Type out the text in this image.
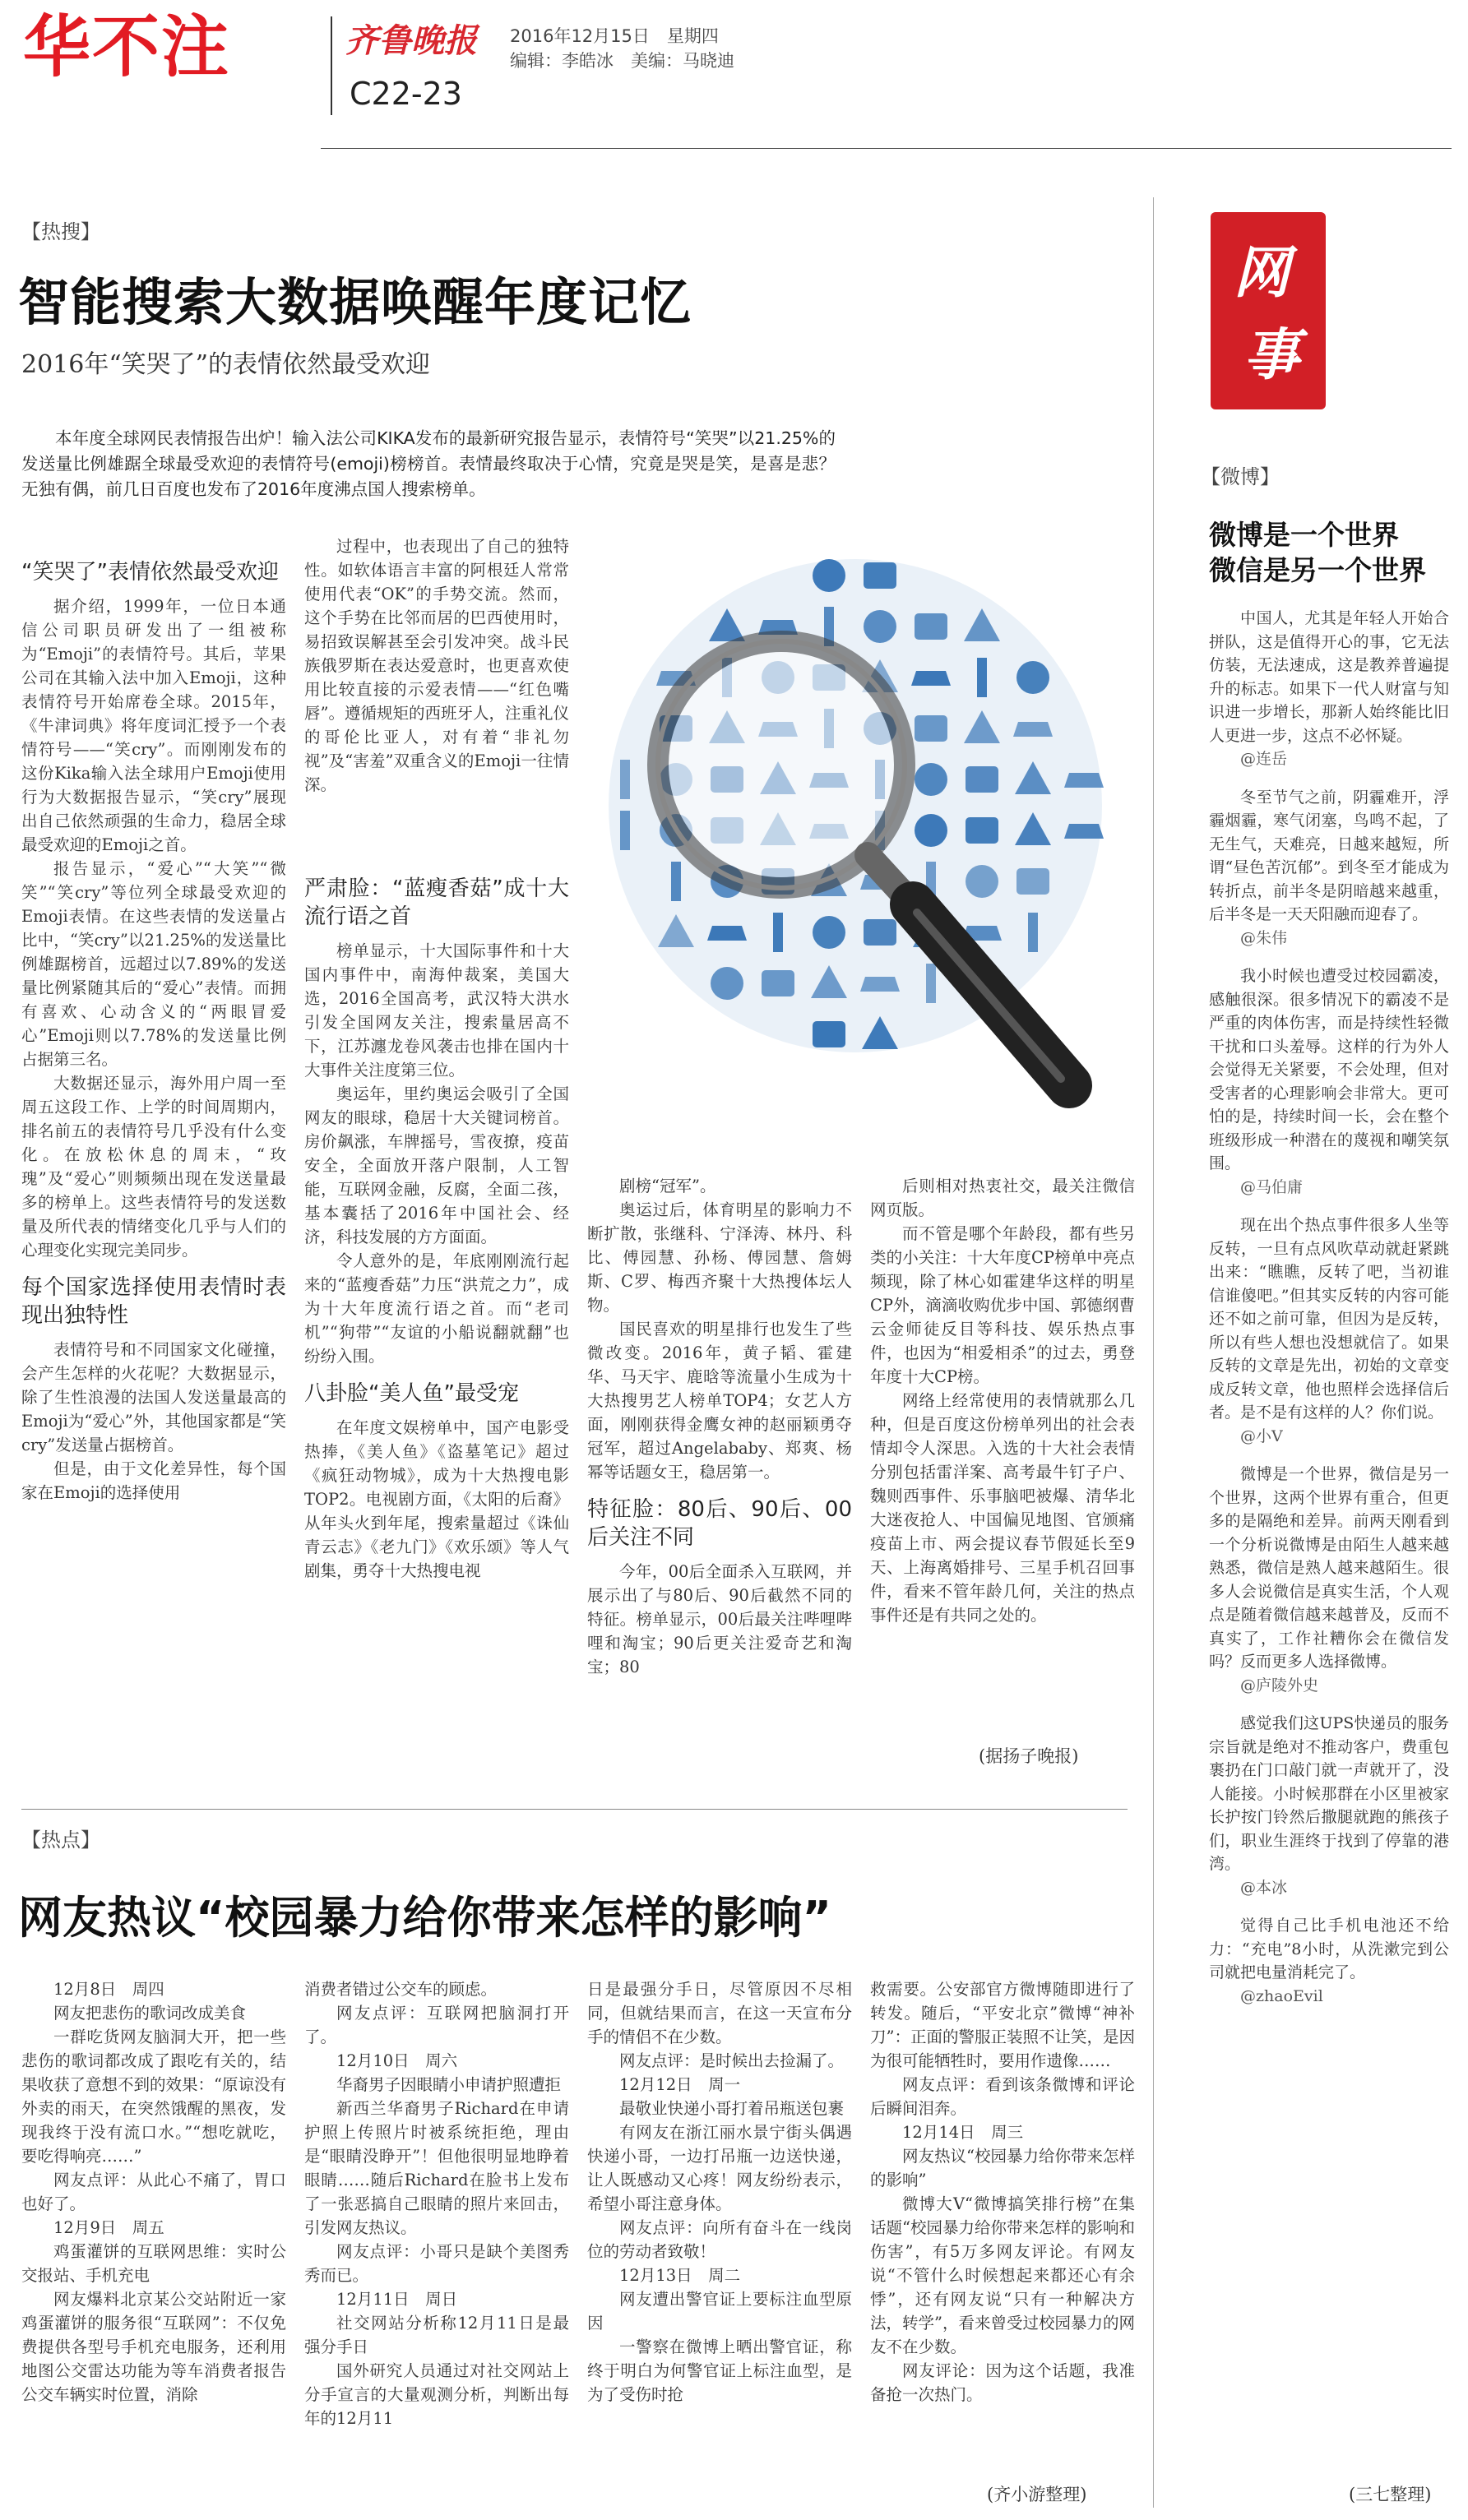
华不注	齐鲁晚报 2016年12月15日　星期四
编辑：李皓冰　美编：马晓迪
C22-23
【热搜】
智能搜索大数据唤醒年度记忆
2016年“笑哭了”的表情依然最受欢迎
本年度全球网民表情报告出炉！输入法公司KIKA发布的最新研究报告显示，表情符号“笑哭”以21.25%的发送量比例雄踞全球最受欢迎的表情符号(emoji)榜榜首。表情最终取决于心情，究竟是哭是笑，是喜是悲？无独有偶，前几日百度也发布了2016年度沸点国人搜索榜单。
“笑哭了”表情依然最受欢迎

据介绍，1999年，一位日本通信公司职员研发出了一组被称为“Emoji”的表情符号。其后，苹果公司在其输入法中加入Emoji，这种表情符号开始席卷全球。2015年，《牛津词典》将年度词汇授予一个表情符号——“笑cry”。而刚刚发布的这份Kika输入法全球用户Emoji使用行为大数据报告显示，“笑cry”展现出自己依然顽强的生命力，稳居全球最受欢迎的Emoji之首。

报告显示，“爱心”“大笑”“微笑”“笑cry”等位列全球最受欢迎的Emoji表情。在这些表情的发送量占比中，“笑cry”以21.25%的发送量比例雄踞榜首，远超过以7.89%的发送量比例紧随其后的“爱心”表情。而拥有喜欢、心动含义的“两眼冒爱心”Emoji则以7.78%的发送量比例占据第三名。

大数据还显示，海外用户周一至周五这段工作、上学的时间周期内，排名前五的表情符号几乎没有什么变化。在放松休息的周末，“玫瑰”及“爱心”则频频出现在发送量最多的榜单上。这些表情符号的发送数量及所代表的情绪变化几乎与人们的心理变化实现完美同步。

每个国家选择使用表情时表现出独特性

表情符号和不同国家文化碰撞，会产生怎样的火花呢？大数据显示，除了生性浪漫的法国人发送量最高的Emoji为“爱心”外，其他国家都是“笑cry”发送量占据榜首。

但是，由于文化差异性，每个国家在Emoji的选择使用

过程中，也表现出了自己的独特性。如软体语言丰富的阿根廷人常常使用代表“OK”的手势交流。然而，这个手势在比邻而居的巴西使用时，易招致误解甚至会引发冲突。战斗民族俄罗斯在表达爱意时，也更喜欢使用比较直接的示爱表情——“红色嘴唇”。遵循规矩的西班牙人，注重礼仪的哥伦比亚人，对有着“非礼勿视”及“害羞”双重含义的Emoji一往情深。

严肃脸：“蓝瘦香菇”成十大流行语之首

榜单显示，十大国际事件和十大国内事件中，南海仲裁案，美国大选，2016全国高考，武汉特大洪水引发全国网友关注，搜索量居高不下，江苏瀍龙卷风袭击也排在国内十大事件关注度第三位。

奥运年，里约奥运会吸引了全国网友的眼球，稳居十大关键词榜首。房价飙涨，车牌摇号，雪夜撩，疫苗安全，全面放开落户限制，人工智能，互联网金融，反腐，全面二孩，基本囊括了2016年中国社会、经济，科技发展的方方面面。

令人意外的是，年底刚刚流行起来的“蓝瘦香菇”力压“洪荒之力”，成为十大年度流行语之首。而“老司机”“狗带”“友谊的小船说翻就翻”也纷纷入围。

八卦脸“美人鱼”最受宠

在年度文娱榜单中，国产电影受热捧，《美人鱼》《盗墓笔记》超过《疯狂动物城》，成为十大热搜电影TOP2。电视剧方面，《太阳的后裔》从年头火到年尾，搜索量超过《诛仙青云志》《老九门》《欢乐颂》等人气剧集，勇夺十大热搜电视

剧榜“冠军”。

奥运过后，体育明星的影响力不断扩散，张继科、宁泽涛、林丹、科比、傅园慧、孙杨、傅园慧、詹姆斯、C罗、梅西齐聚十大热搜体坛人物。

国民喜欢的明星排行也发生了些微改变。2016年，黄子韬、霍建华、马天宇、鹿晗等流量小生成为十大热搜男艺人榜单TOP4；女艺人方面，刚刚获得金鹰女神的赵丽颖勇夺冠军，超过Angelababy、郑爽、杨幂等话题女王，稳居第一。

特征脸：80后、90后、00后关注不同

今年，00后全面杀入互联网，并展示出了与80后、90后截然不同的特征。榜单显示，00后最关注哔哩哔哩和淘宝；90后更关注爱奇艺和淘宝；80

后则相对热衷社交，最关注微信网页版。

而不管是哪个年龄段，都有些另类的小关注：十大年度CP榜单中亮点频现，除了林心如霍建华这样的明星CP外，滴滴收购优步中国、郭德纲曹云金师徒反目等科技、娱乐热点事件，也因为“相爱相杀”的过去，勇登年度十大CP榜。

网络上经常使用的表情就那么几种，但是百度这份榜单列出的社会表情却令人深思。入选的十大社会表情分别包括雷洋案、高考最牛钉子户、魏则西事件、乐事脑吧被爆、清华北大迷夜抢人、中国偏见地图、官颁痛疫苗上市、两会提议春节假延长至9天、上海离婚排号、三星手机召回事件，看来不管年龄几何，关注的热点事件还是有共同之处的。

(据扬子晚报)
【热点】
网友热议“校园暴力给你带来怎样的影响”

12月8日　周四

网友把悲伤的歌词改成美食

一群吃货网友脑洞大开，把一些悲伤的歌词都改成了跟吃有关的，结果收获了意想不到的效果：“原谅没有外卖的雨天，在突然饿醒的黑夜，发现我终于没有流口水。”“想吃就吃，要吃得响亮……”

网友点评：从此心不痛了，胃口也好了。

12月9日　周五

鸡蛋灌饼的互联网思维：实时公交报站、手机充电

网友爆料北京某公交站附近一家鸡蛋灌饼的服务很“互联网”：不仅免费提供各型号手机充电服务，还利用地图公交雷达功能为等车消费者报告公交车辆实时位置，消除

消费者错过公交车的顾虑。

网友点评：互联网把脑洞打开了。

12月10日　周六

华裔男子因眼睛小申请护照遭拒

新西兰华裔男子Richard在申请护照上传照片时被系统拒绝，理由是“眼睛没睁开”！但他很明显地睁着眼睛……随后Richard在脸书上发布了一张恶搞自己眼睛的照片来回击，引发网友热议。

网友点评：小哥只是缺个美图秀秀而已。

12月11日　周日

社交网站分析称12月11日是最强分手日

国外研究人员通过对社交网站上分手宣言的大量观测分析，判断出每年的12月11

日是最强分手日，尽管原因不尽相同，但就结果而言，在这一天宣布分手的情侣不在少数。

网友点评：是时候出去捡漏了。

12月12日　周一

最敬业快递小哥打着吊瓶送包裹

有网友在浙江丽水景宁街头偶遇快递小哥，一边打吊瓶一边送快递，让人既感动又心疼！网友纷纷表示，希望小哥注意身体。

网友点评：向所有奋斗在一线岗位的劳动者致敬！

12月13日　周二

网友遭出警官证上要标注血型原因

一警察在微博上晒出警官证，称终于明白为何警官证上标注血型，是为了受伤时抢

救需要。公安部官方微博随即进行了转发。随后，“平安北京”微博“神补刀”：正面的警服正装照不让笑，是因为很可能牺牲时，要用作遗像……

网友点评：看到该条微博和评论后瞬间泪奔。

12月14日　周三

网友热议“校园暴力给你带来怎样的影响”

微博大V“微博搞笑排行榜”在集话题“校园暴力给你带来怎样的影响和伤害”，有5万多网友评论。有网友说“不管什么时候想起来都还心有余悸”，还有网友说“只有一种解决方法，转学”，看来曾受过校园暴力的网友不在少数。

网友评论：因为这个话题，我准备抢一次热门。

(齐小游整理)
网
事
【微博】
微博是一个世界
微信是另一个世界

中国人，尤其是年轻人开始合拼队，这是值得开心的事，它无法仿装，无法速成，这是教养普遍提升的标志。如果下一代人财富与知识进一步增长，那新人始终能比旧人更进一步，这点不必怀疑。

@连岳

冬至节气之前，阴霾难开，浮霾烟霾，寒气闭塞，鸟鸣不起，了无生气，天难亮，日越来越短，所谓“昼色苦沉郁”。到冬至才能成为转折点，前半冬是阴暗越来越重，后半冬是一天天阳融而迎春了。

@朱伟

我小时候也遭受过校园霸凌，感触很深。很多情况下的霸凌不是严重的肉体伤害，而是持续性轻微干扰和口头羞辱。这样的行为外人会觉得无关紧要，不会处理，但对受害者的心理影响会非常大。更可怕的是，持续时间一长，会在整个班级形成一种潜在的蔑视和嘲笑氛围。

@马伯庸

现在出个热点事件很多人坐等反转，一旦有点风吹草动就赶紧跳出来：“瞧瞧，反转了吧，当初谁信谁傻吧。”但其实反转的内容可能还不如之前可靠，但因为是反转，所以有些人想也没想就信了。如果反转的文章是先出，初始的文章变成反转文章，他也照样会选择信后者。是不是有这样的人？你们说。

@小V

微博是一个世界，微信是另一个世界，这两个世界有重合，但更多的是隔绝和差异。前两天刚看到一个分析说微博是由陌生人越来越熟悉，微信是熟人越来越陌生。很多人会说微信是真实生活，个人观点是随着微信越来越普及，反而不真实了，工作社糟你会在微信发吗？反而更多人选择微博。

@庐陵外史

感觉我们这UPS快递员的服务宗旨就是绝对不推动客户，费重包裹扔在门口敲门就一声就开了，没人能接。小时候那群在小区里被家长护按门铃然后撒腿就跑的熊孩子们，职业生涯终于找到了停靠的港湾。

@本冰

觉得自己比手机电池还不给力：“充电”8小时，从洗漱完到公司就把电量消耗完了。

@zhaoEvil

(三七整理)
